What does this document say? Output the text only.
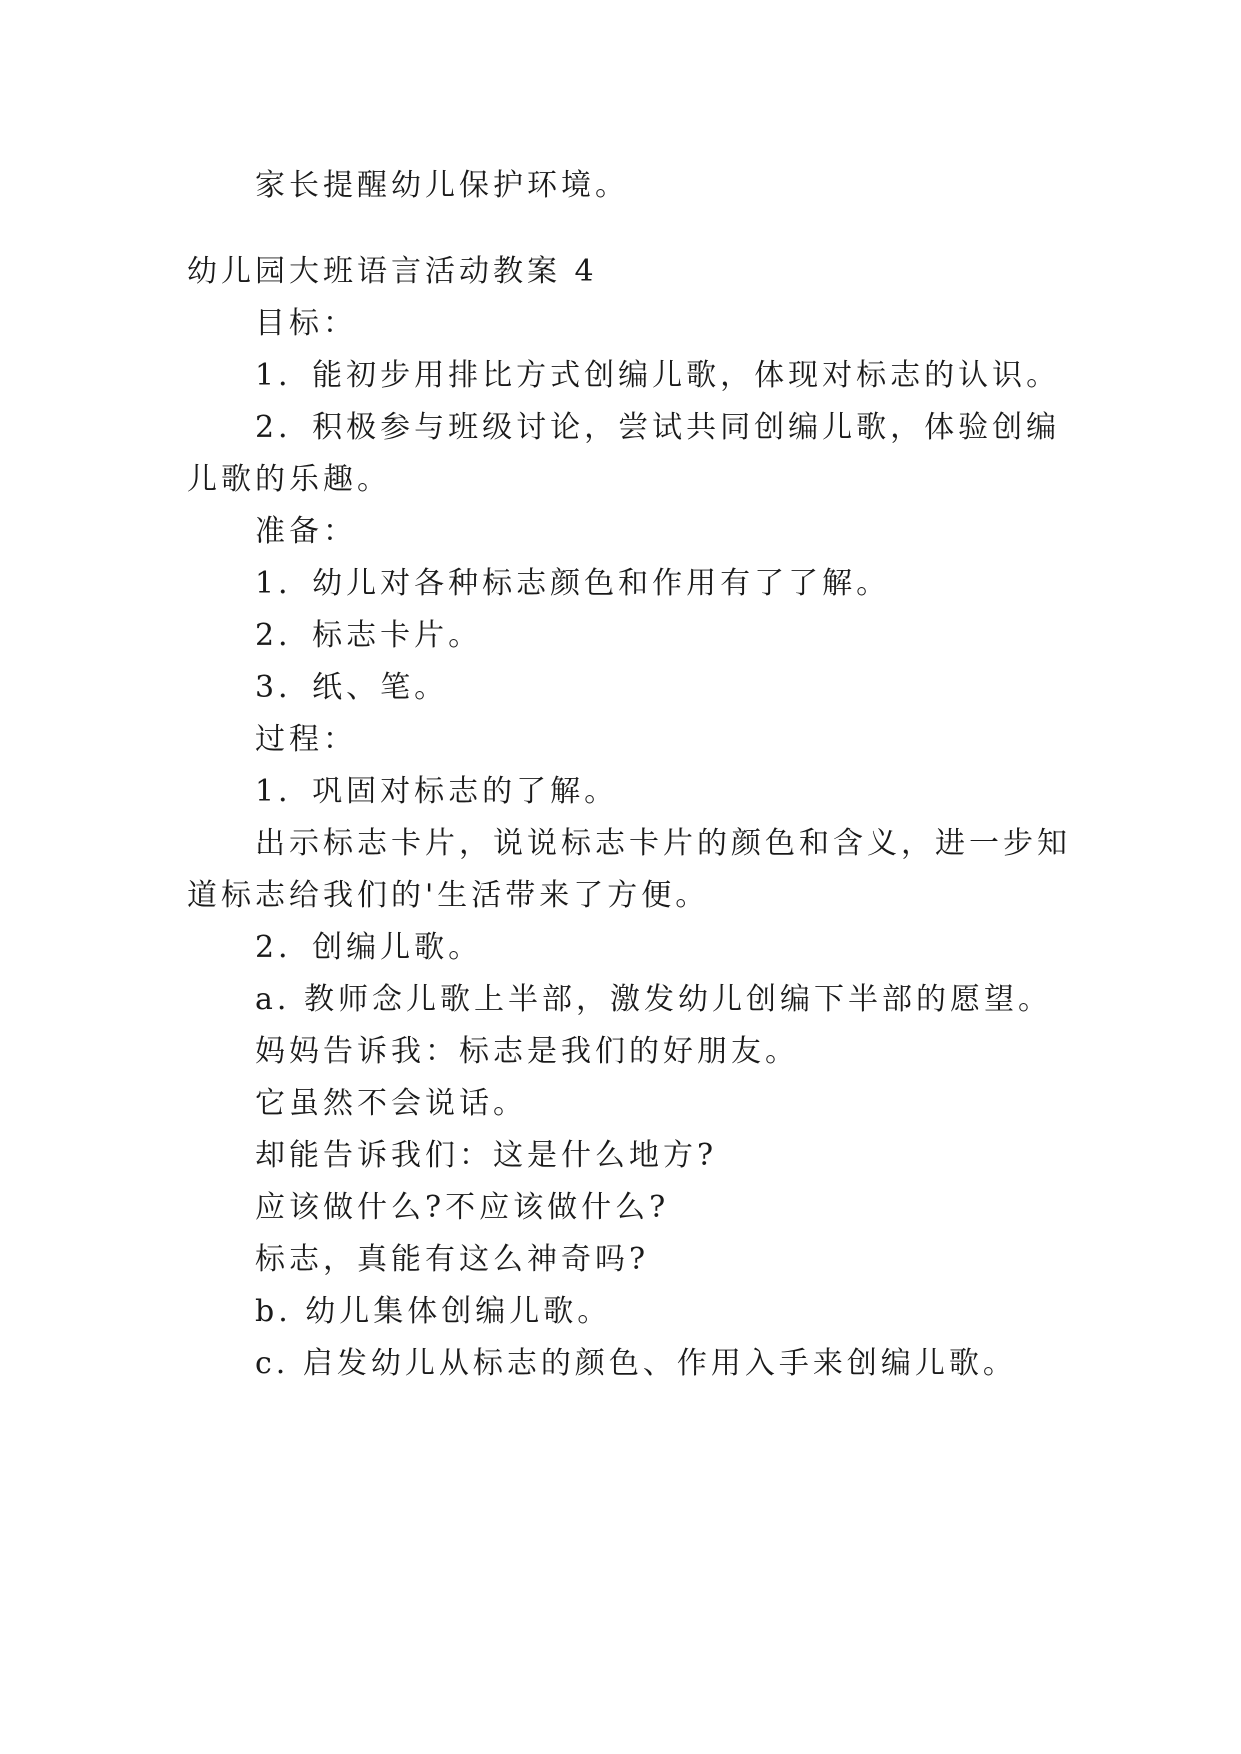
家长提醒幼儿保护环境。
幼儿园大班语言活动教案 4
目标：
1．能初步用排比方式创编儿歌，体现对标志的认识。
2．积极参与班级讨论，尝试共同创编儿歌，体验创编
儿歌的乐趣。
准备：
1．幼儿对各种标志颜色和作用有了了解。
2．标志卡片。
3．纸、笔。
过程：
1．巩固对标志的了解。
出示标志卡片，说说标志卡片的颜色和含义，进一步知
道标志给我们的'生活带来了方便。
2．创编儿歌。
a. 教师念儿歌上半部，激发幼儿创编下半部的愿望。
妈妈告诉我：标志是我们的好朋友。
它虽然不会说话。
却能告诉我们：这是什么地方?
应该做什么?不应该做什么?
标志，真能有这么神奇吗?
b. 幼儿集体创编儿歌。
c. 启发幼儿从标志的颜色、作用入手来创编儿歌。
